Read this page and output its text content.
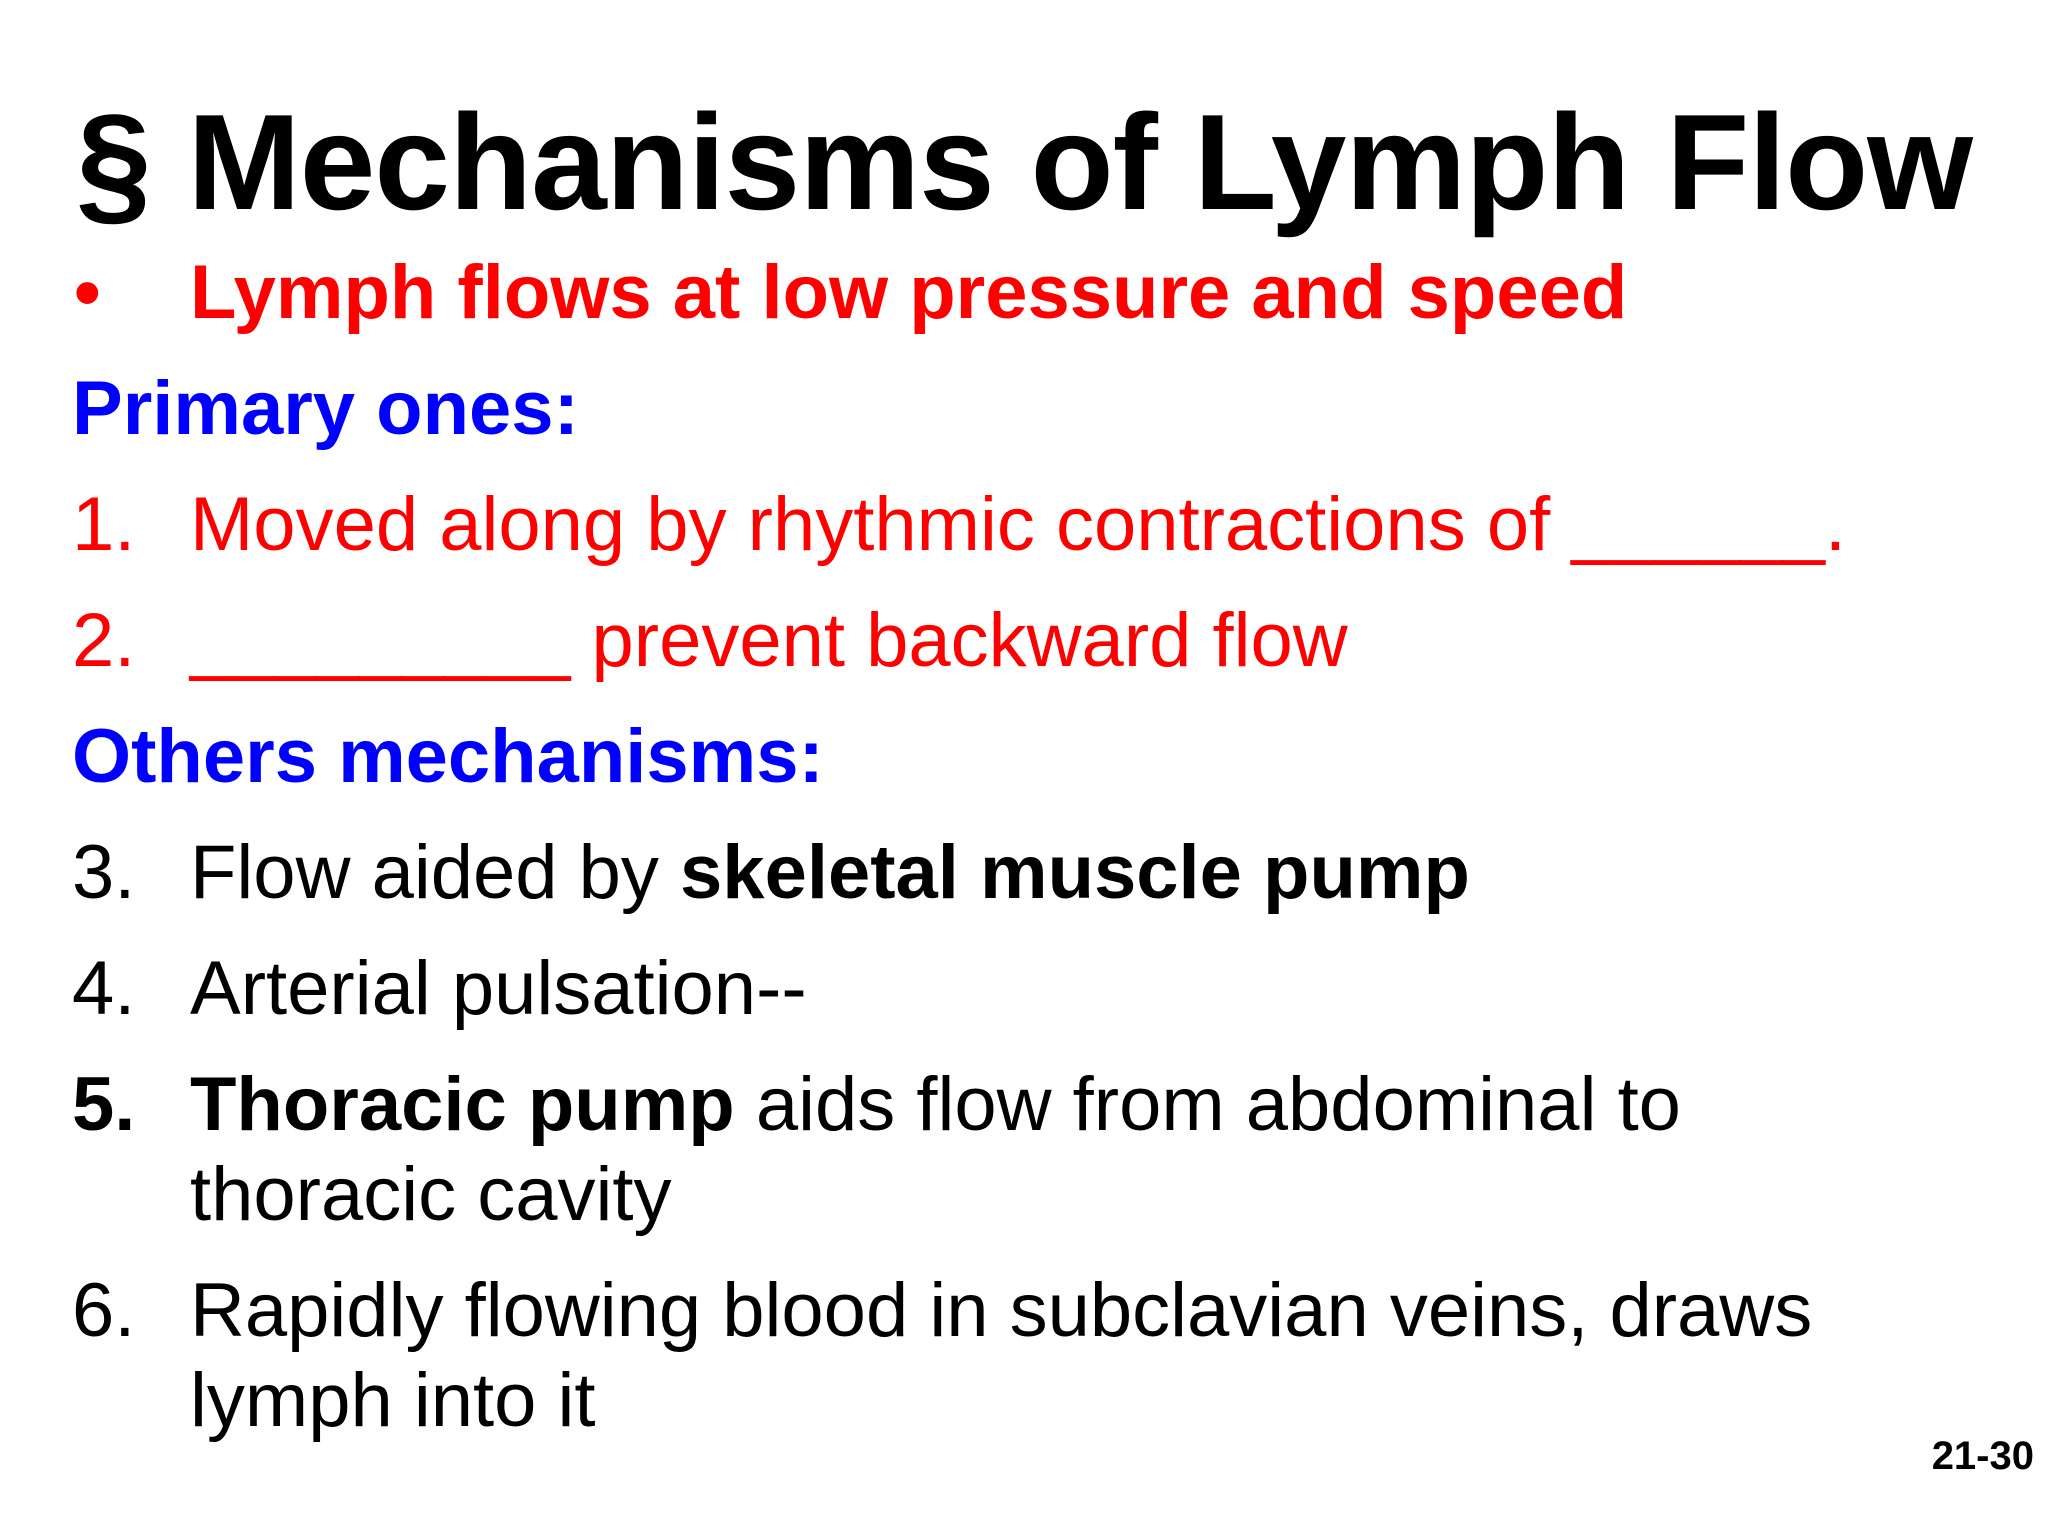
§ Mechanisms of Lymph Flow
• Lymph flows at low pressure and speed
Primary ones:
1. Moved along by rhythmic contractions of ______.
2. _________ prevent backward flow
Others mechanisms:
3. Flow aided by skeletal muscle pump
4. Arterial pulsation--
5. Thoracic pump aids flow from abdominal to
thoracic cavity
6. Rapidly flowing blood in subclavian veins, draws
lymph into it
21-30
